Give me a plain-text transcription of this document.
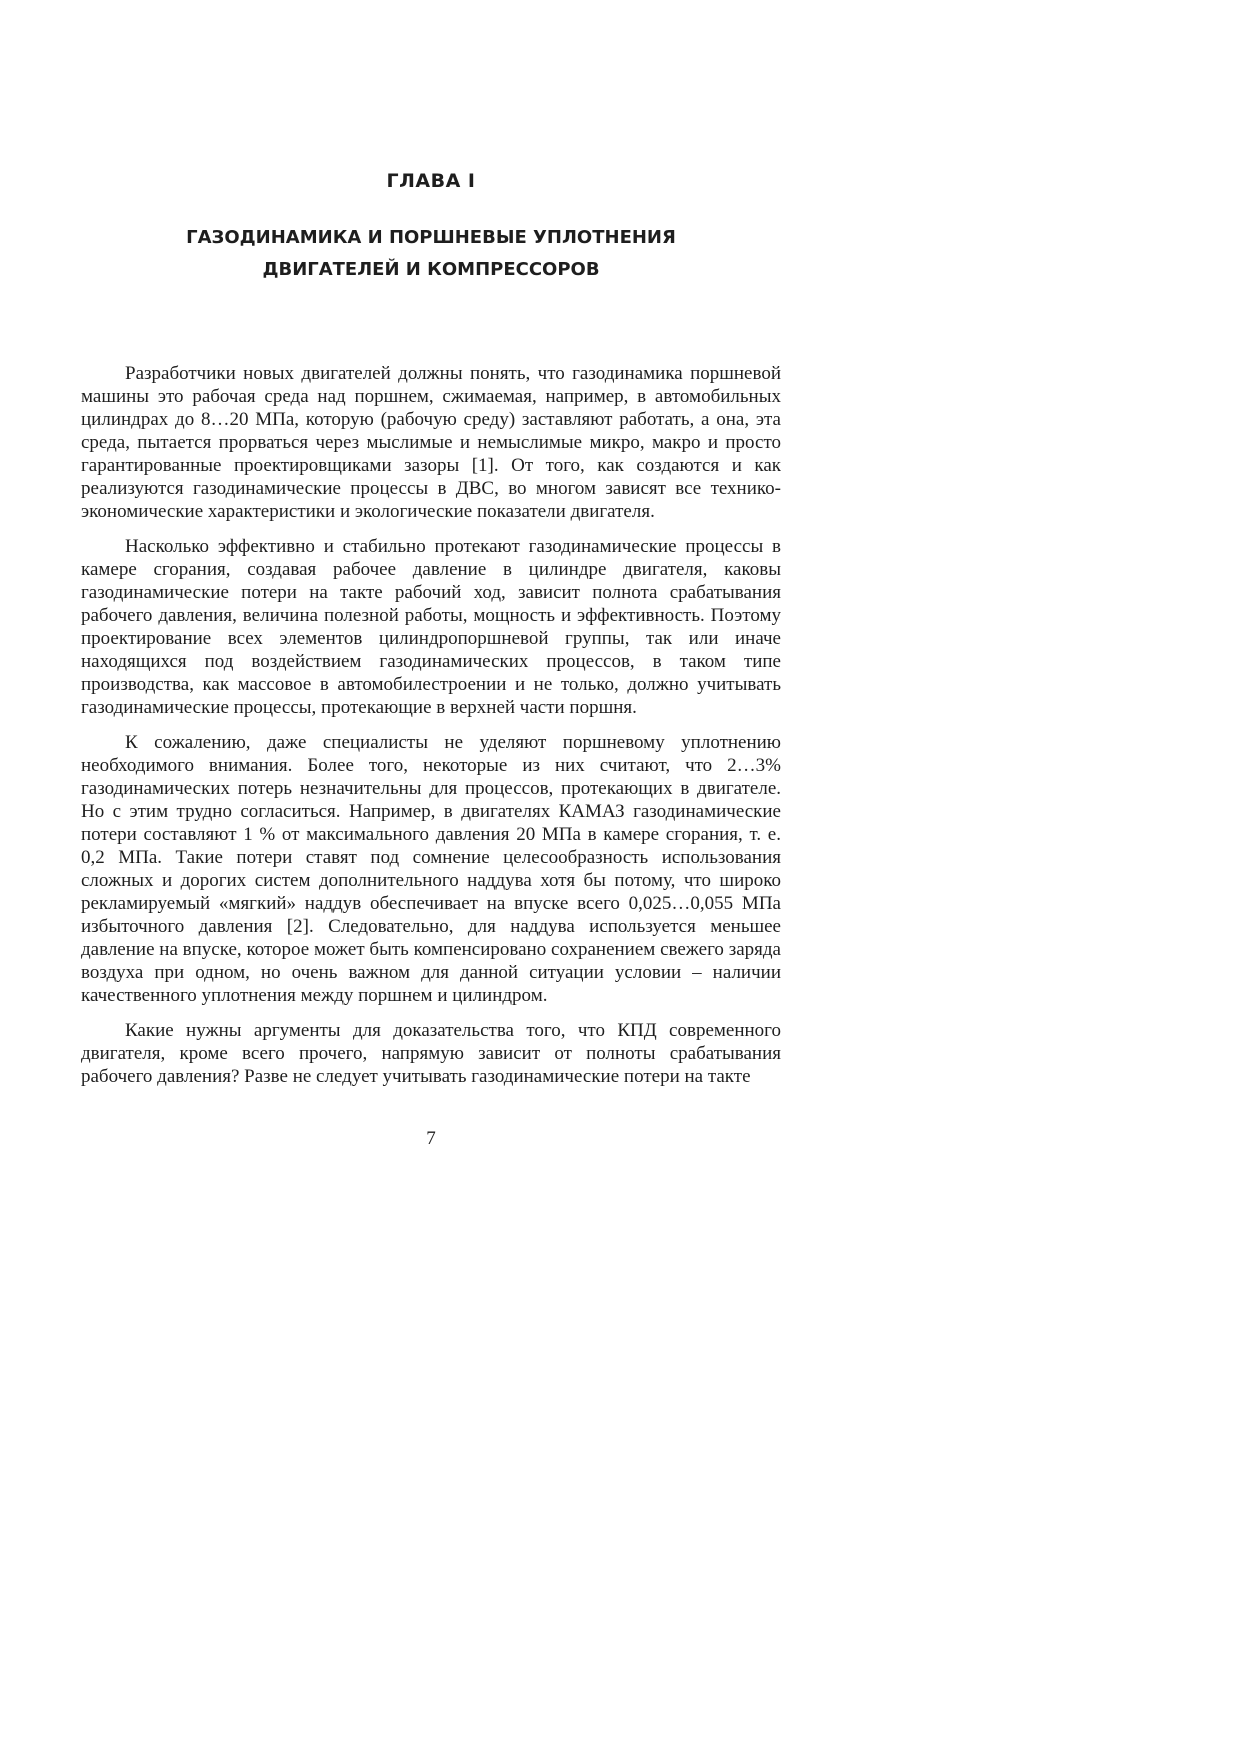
ГЛАВА I
ГАЗОДИНАМИКА И ПОРШНЕВЫЕ УПЛОТНЕНИЯ
ДВИГАТЕЛЕЙ И КОМПРЕССОРОВ

Разработчики новых двигателей должны понять, что газодинамика поршневой машины это рабочая среда над поршнем, сжимаемая, например, в автомобильных цилиндрах до 8…20 МПа, которую (рабочую среду) заставляют работать, а она, эта среда, пытается прорваться через мыслимые и немыслимые микро, макро и просто гарантированные проектировщиками зазоры [1]. От того, как создаются и как реализуются газодинамические процессы в ДВС, во многом зависят все технико-экономические характеристики и экологические показатели двигателя.

Насколько эффективно и стабильно протекают газодинамические процессы в камере сгорания, создавая рабочее давление в цилиндре двигателя, каковы газодинамические потери на такте рабочий ход, зависит полнота срабатывания рабочего давления, величина полезной работы, мощность и эффективность. Поэтому проектирование всех элементов цилиндропоршневой группы, так или иначе находящихся под воздействием газодинамических процессов, в таком типе производства, как массовое в автомобилестроении и не только, должно учитывать газодинамические процессы, протекающие в верхней части поршня.

К сожалению, даже специалисты не уделяют поршневому уплотнению необходимого внимания. Более того, некоторые из них считают, что 2…3% газодинамических потерь незначительны для процессов, протекающих в двигателе. Но с этим трудно согласиться. Например, в двигателях КАМАЗ газодинамические потери составляют 1 % от максимального давления 20 МПа в камере сгорания, т. е. 0,2 МПа. Такие потери ставят под сомнение целесообразность использования сложных и дорогих систем дополнительного наддува хотя бы потому, что широко рекламируемый «мягкий» наддув обеспечивает на впуске всего 0,025…0,055 МПа избыточного давления [2]. Следовательно, для наддува используется меньшее давление на впуске, которое может быть компенсировано сохранением свежего заряда воздуха при одном, но очень важном для данной ситуации условии – наличии качественного уплотнения между поршнем и цилиндром.

Какие нужны аргументы для доказательства того, что КПД современного двигателя, кроме всего прочего, напрямую зависит от полноты срабатывания рабочего давления? Разве не следует учитывать газодинамические потери на такте

7
